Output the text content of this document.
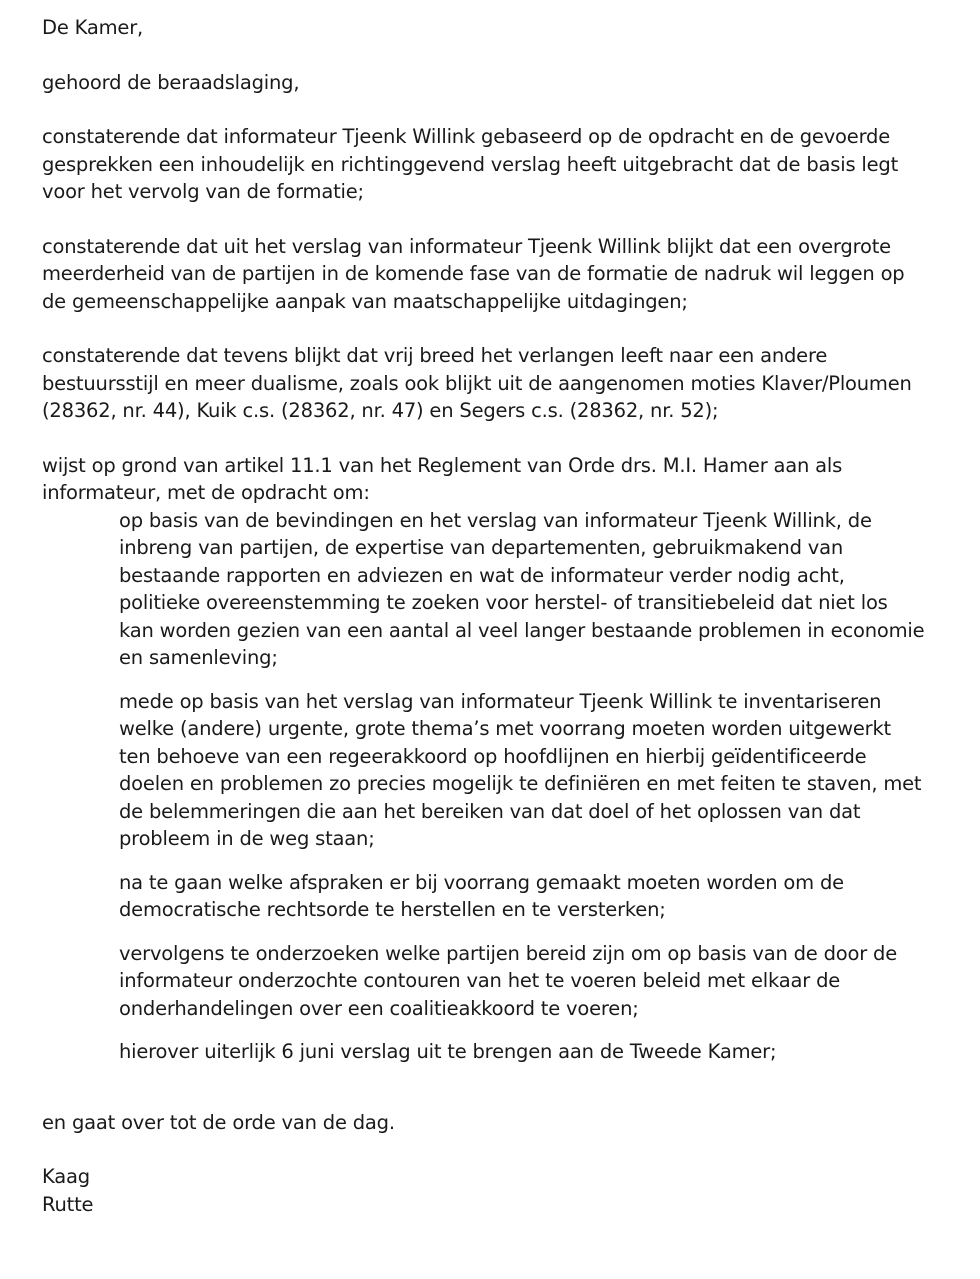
De Kamer,

gehoord de beraadslaging,

constaterende dat informateur Tjeenk Willink gebaseerd op de opdracht en de gevoerde
gesprekken een inhoudelijk en richtinggevend verslag heeft uitgebracht dat de basis legt
voor het vervolg van de formatie;

constaterende dat uit het verslag van informateur Tjeenk Willink blijkt dat een overgrote
meerderheid van de partijen in de komende fase van de formatie de nadruk wil leggen op
de gemeenschappelijke aanpak van maatschappelijke uitdagingen;

constaterende dat tevens blijkt dat vrij breed het verlangen leeft naar een andere
bestuursstijl en meer dualisme, zoals ook blijkt uit de aangenomen moties Klaver/Ploumen
(28362, nr. 44), Kuik c.s. (28362, nr. 47) en Segers c.s. (28362, nr. 52);

wijst op grond van artikel 11.1 van het Reglement van Orde drs. M.I. Hamer aan als
informateur, met de opdracht om:

op basis van de bevindingen en het verslag van informateur Tjeenk Willink, de
inbreng van partijen, de expertise van departementen, gebruikmakend van
bestaande rapporten en adviezen en wat de informateur verder nodig acht,
politieke overeenstemming te zoeken voor herstel- of transitiebeleid dat niet los
kan worden gezien van een aantal al veel langer bestaande problemen in economie
en samenleving;
mede op basis van het verslag van informateur Tjeenk Willink te inventariseren
welke (andere) urgente, grote thema’s met voorrang moeten worden uitgewerkt
ten behoeve van een regeerakkoord op hoofdlijnen en hierbij geïdentificeerde
doelen en problemen zo precies mogelijk te definiëren en met feiten te staven, met
de belemmeringen die aan het bereiken van dat doel of het oplossen van dat
probleem in de weg staan;
na te gaan welke afspraken er bij voorrang gemaakt moeten worden om de
democratische rechtsorde te herstellen en te versterken;
vervolgens te onderzoeken welke partijen bereid zijn om op basis van de door de
informateur onderzochte contouren van het te voeren beleid met elkaar de
onderhandelingen over een coalitieakkoord te voeren;
hierover uiterlijk 6 juni verslag uit te brengen aan de Tweede Kamer;

en gaat over tot de orde van de dag.

Kaag
Rutte
